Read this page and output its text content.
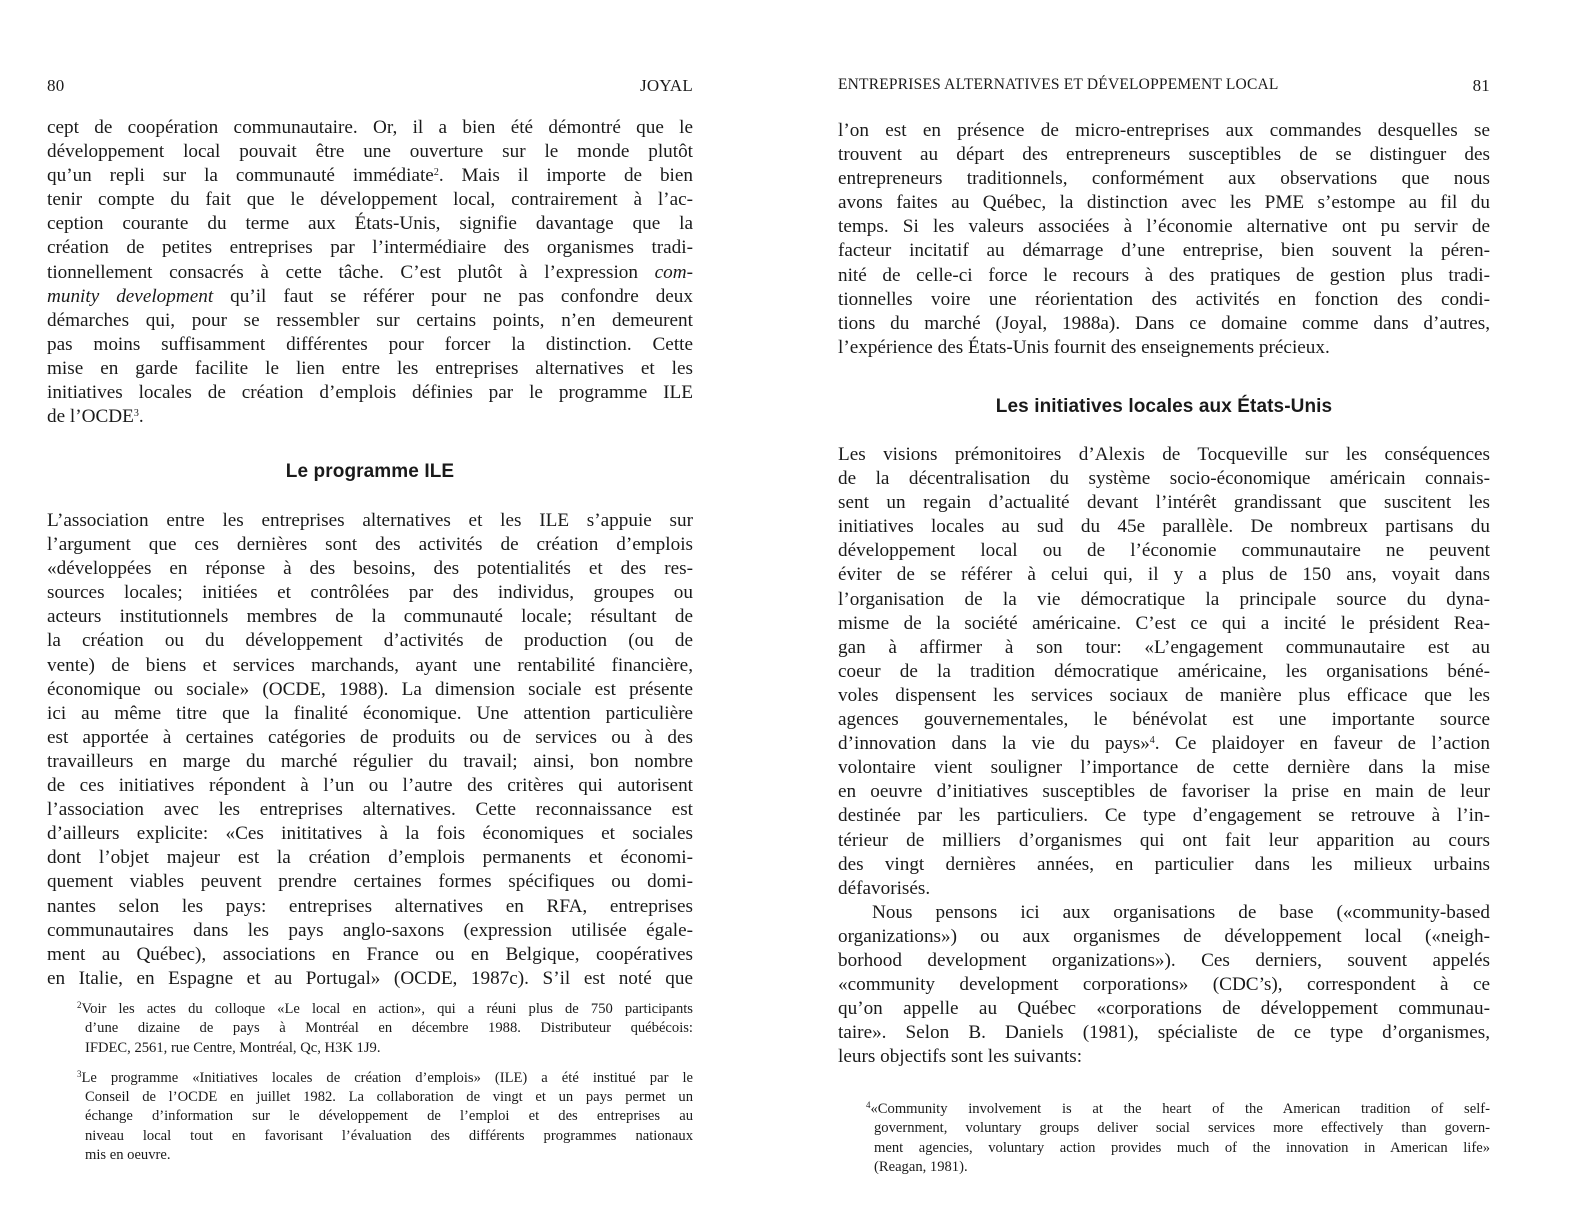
80	JOYAL
cept de coopération communautaire. Or, il a bien été démontré que le
développement local pouvait être une ouverture sur le monde plutôt
qu’un repli sur la communauté immédiate$^2$. Mais il importe de bien
tenir compte du fait que le développement local, contrairement à l’ac-
ception courante du terme aux États-Unis, signifie davantage que la
création de petites entreprises par l’intermédiaire des organismes tradi-
tionnellement consacrés à cette tâche. C’est plutôt à l’expression com-
munity development qu’il faut se référer pour ne pas confondre deux
démarches qui, pour se ressembler sur certains points, n’en demeurent
pas moins suffisamment différentes pour forcer la distinction. Cette
mise en garde facilite le lien entre les entreprises alternatives et les
initiatives locales de création d’emplois définies par le programme ILE
de l’OCDE$^3$.
Le programme ILE
L’association entre les entreprises alternatives et les ILE s’appuie sur
l’argument que ces dernières sont des activités de création d’emplois
«développées en réponse à des besoins, des potentialités et des res-
sources locales; initiées et contrôlées par des individus, groupes ou
acteurs institutionnels membres de la communauté locale; résultant de
la création ou du développement d’activités de production (ou de
vente) de biens et services marchands, ayant une rentabilité financière,
économique ou sociale» (OCDE, 1988). La dimension sociale est présente
ici au même titre que la finalité économique. Une attention particulière
est apportée à certaines catégories de produits ou de services ou à des
travailleurs en marge du marché régulier du travail; ainsi, bon nombre
de ces initiatives répondent à l’un ou l’autre des critères qui autorisent
l’association avec les entreprises alternatives. Cette reconnaissance est
d’ailleurs explicite: «Ces inititatives à la fois économiques et sociales
dont l’objet majeur est la création d’emplois permanents et économi-
quement viables peuvent prendre certaines formes spécifiques ou domi-
nantes selon les pays: entreprises alternatives en RFA, entreprises
communautaires dans les pays anglo-saxons (expression utilisée égale-
ment au Québec), associations en France ou en Belgique, coopératives
en Italie, en Espagne et au Portugal» (OCDE, 1987c). S’il est noté que
$^2$Voir les actes du colloque «Le local en action», qui a réuni plus de 750 participants
d’une dizaine de pays à Montréal en décembre 1988. Distributeur québécois:
IFDEC, 2561, rue Centre, Montréal, Qc, H3K 1J9.
$^3$Le programme «Initiatives locales de création d’emplois» (ILE) a été institué par le
Conseil de l’OCDE en juillet 1982. La collaboration de vingt et un pays permet un
échange d’information sur le développement de l’emploi et des entreprises au
niveau local tout en favorisant l’évaluation des différents programmes nationaux
mis en oeuvre.
ENTREPRISES ALTERNATIVES ET DÉVELOPPEMENT LOCAL	81
l’on est en présence de micro-entreprises aux commandes desquelles se
trouvent au départ des entrepreneurs susceptibles de se distinguer des
entrepreneurs traditionnels, conformément aux observations que nous
avons faites au Québec, la distinction avec les PME s’estompe au fil du
temps. Si les valeurs associées à l’économie alternative ont pu servir de
facteur incitatif au démarrage d’une entreprise, bien souvent la péren-
nité de celle-ci force le recours à des pratiques de gestion plus tradi-
tionnelles voire une réorientation des activités en fonction des condi-
tions du marché (Joyal, 1988a). Dans ce domaine comme dans d’autres,
l’expérience des États-Unis fournit des enseignements précieux.
Les initiatives locales aux États-Unis
Les visions prémonitoires d’Alexis de Tocqueville sur les conséquences
de la décentralisation du système socio-économique américain connais-
sent un regain d’actualité devant l’intérêt grandissant que suscitent les
initiatives locales au sud du 45e parallèle. De nombreux partisans du
développement local ou de l’économie communautaire ne peuvent
éviter de se référer à celui qui, il y a plus de 150 ans, voyait dans
l’organisation de la vie démocratique la principale source du dyna-
misme de la société américaine. C’est ce qui a incité le président Rea-
gan à affirmer à son tour: «L’engagement communautaire est au
coeur de la tradition démocratique américaine, les organisations béné-
voles dispensent les services sociaux de manière plus efficace que les
agences gouvernementales, le bénévolat est une importante source
d’innovation dans la vie du pays»$^4$. Ce plaidoyer en faveur de l’action
volontaire vient souligner l’importance de cette dernière dans la mise
en oeuvre d’initiatives susceptibles de favoriser la prise en main de leur
destinée par les particuliers. Ce type d’engagement se retrouve à l’in-
térieur de milliers d’organismes qui ont fait leur apparition au cours
des vingt dernières années, en particulier dans les milieux urbains
défavorisés.
Nous pensons ici aux organisations de base («community-based
organizations») ou aux organismes de développement local («neigh-
borhood development organizations»). Ces derniers, souvent appelés
«community development corporations» (CDC’s), correspondent à ce
qu’on appelle au Québec «corporations de développement communau-
taire». Selon B. Daniels (1981), spécialiste de ce type d’organismes,
leurs objectifs sont les suivants:
$^4$«Community involvement is at the heart of the American tradition of self-
government, voluntary groups deliver social services more effectively than govern-
ment agencies, voluntary action provides much of the innovation in American life»
(Reagan, 1981).
